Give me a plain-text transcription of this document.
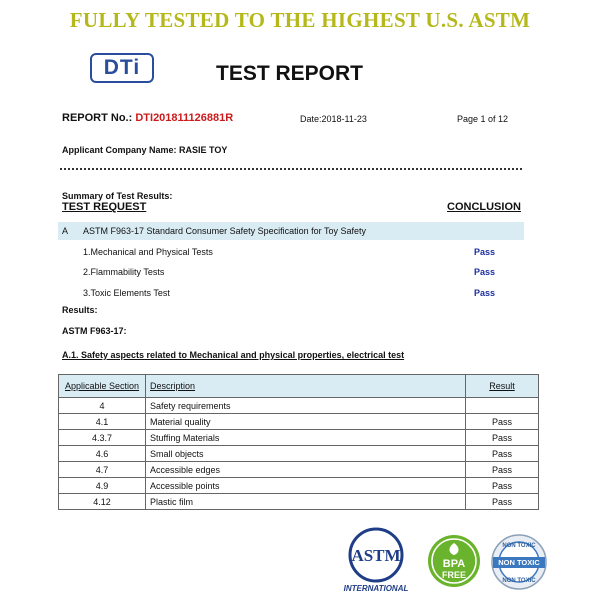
FULLY TESTED TO THE HIGHEST U.S. ASTM
DTi	TEST REPORT
REPORT No.: DTI201811126881R	Date:2018-11-23	Page 1 of 12
Applicant Company Name: RASIE TOY
Summary of Test Results:
TEST REQUEST	CONCLUSION
A ASTM F963-17 Standard Consumer Safety Specification for Toy Safety
1.Mechanical and Physical Tests	Pass
2.Flammability Tests	Pass
3.Toxic Elements Test	Pass
Results:
ASTM F963-17:
A.1. Safety aspects related to Mechanical and physical properties, electrical test
Applicable Section	Description	Result
4	Safety requirements	
4.1	Material quality	Pass
4.3.7	Stuffing Materials	Pass
4.6	Small objects	Pass
4.7	Accessible edges	Pass
4.9	Accessible points	Pass
4.12	Plastic film	Pass
ASTM
INTERNATIONAL
BPA
FREE
NON TOXIC
NON TOXIC
NON TOXIC
